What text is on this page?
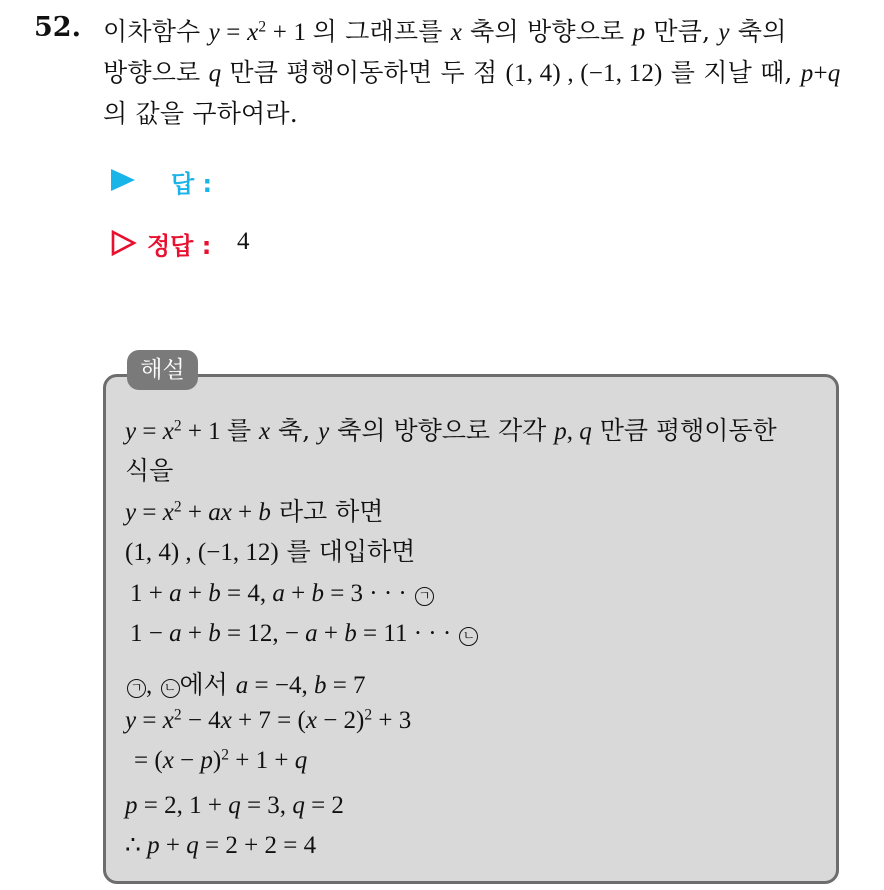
52. 이차함수 $y = x^2 + 1$ 의 그래프를 x 축의 방향으로 p 만큼, y 축의
방향으로 q 만큼 평행이동하면 두 점 (1, 4) , (−1, 12) 를 지날 때, p+q
의 값을 구하여라.
답 :
정답 : 4
해설
$y = x^2 + 1$ 를 x 축, y 축의 방향으로 각각 p, q 만큼 평행이동한
식을
$y = x^2$ + ax + b 라고 하면
(1, 4) , (−1, 12) 를 대입하면
1 + a + b = 4, a + b = 3 · · · ㄱ
1 − a + b = 12, − a + b = 11 · · · ㄴ
ㄱ , ㄴ 에서 a = −4, b = 7
$y = x^2 - 4x + 7 = (x - 2)^2 + 3$
= $(x - p)^2 + 1 + q$
p = 2, 1 + q = 3, q = 2
∴ p + q = 2 + 2 = 4
